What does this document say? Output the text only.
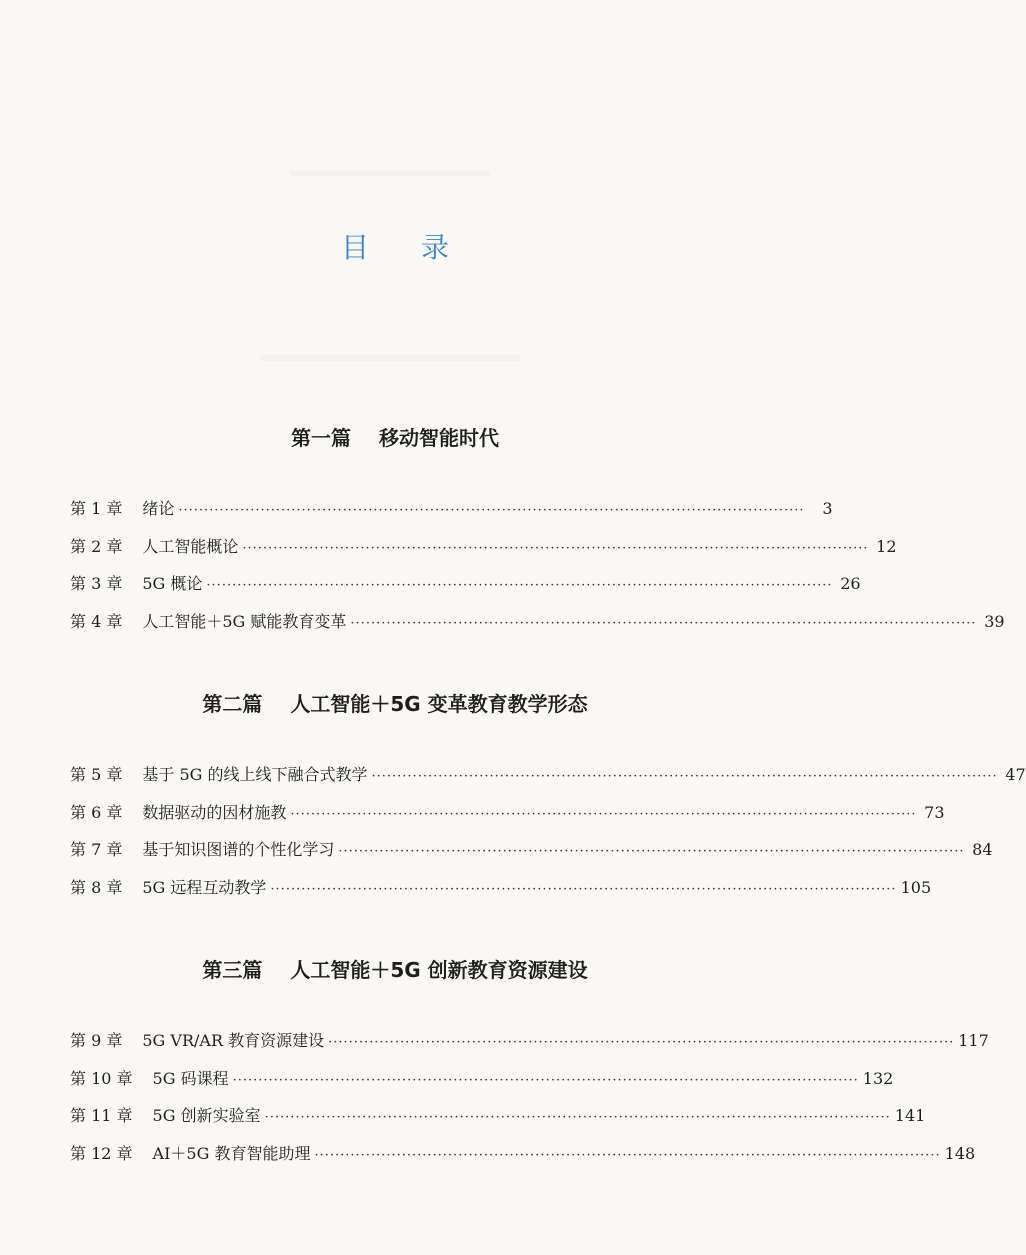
目录
第一篇 移动智能时代
第 1 章 绪论 ··························································································································	3
第 2 章 人工智能概论 ·························································································································· 12
第 3 章 5G 概论 ·························································································································· 26
第 4 章 人工智能＋5G 赋能教育变革 ·························································································································· 39
第二篇 人工智能＋5G 变革教育教学形态
第 5 章 基于 5G 的线上线下融合式教学 ·························································································································· 47
第 6 章 数据驱动的因材施教 ·························································································································· 73
第 7 章 基于知识图谱的个性化学习 ·························································································································· 84
第 8 章 5G 远程互动教学 ·························································································································· 105
第三篇 人工智能＋5G 创新教育资源建设
第 9 章 5G VR/AR 教育资源建设 ·························································································································· 117
第 10 章 5G 码课程 ·························································································································· 132
第 11 章 5G 创新实验室 ·························································································································· 141
第 12 章 AI＋5G 教育智能助理 ·························································································································· 148
